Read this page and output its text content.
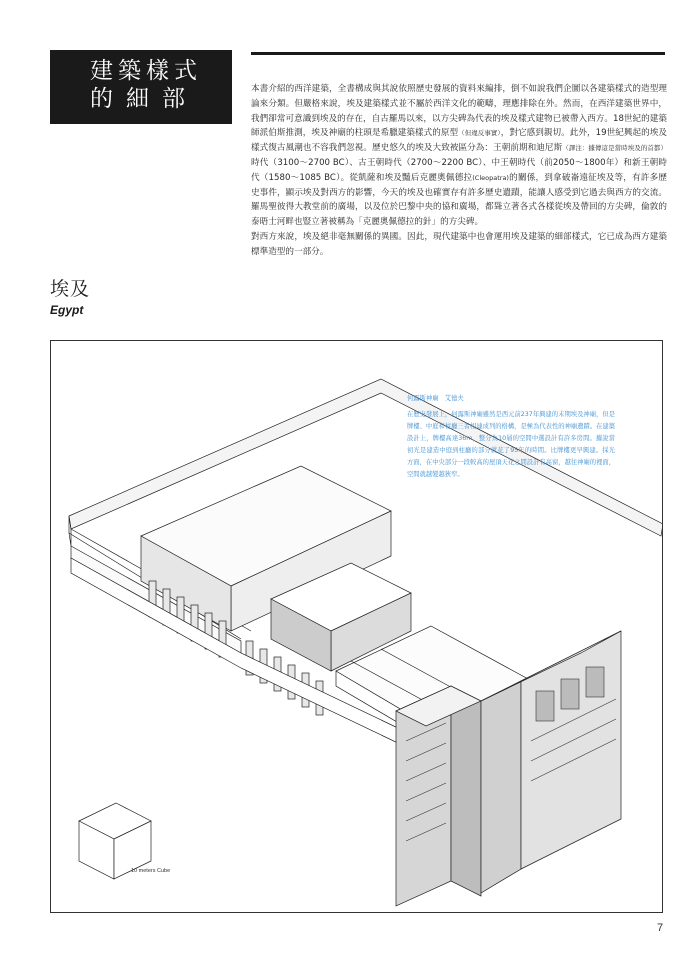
建築樣式
的細部	本書介紹的西洋建築，全書構成與其說依照歷史發展的資料來編排，倒不如說我們企圖以各建築樣式的造型理論來分類。但嚴格來說，埃及建築樣式並不屬於西洋文化的範疇，理應排除在外。然而，在西洋建築世界中，我們卻常可意識到埃及的存在，自古羅馬以來，以方尖碑為代表的埃及樣式建物已被帶入西方。18世紀的建築師派伯斯推測，埃及神廟的柱頭是希臘建築樣式的原型（但違反事實），對它感到親切。此外，19世紀興起的埃及樣式復古風潮也不容我們忽視。歷史悠久的埃及大致被區分為：王朝前期和迪尼斯（譯注：據傳這是當時埃及的首都）時代（3100～2700 BC）、古王朝時代（2700～2200 BC）、中王朝時代（前2050～1800年）和新王朝時代（1580～1085 BC）。從凱薩和埃及豔后克麗奧佩德拉(Cleopatra)的關係，到拿破崙遠征埃及等，有許多歷史事件，顯示埃及對西方的影響，今天的埃及也確實存有許多歷史遺蹟，能讓人感受到它過去與西方的交流。羅馬聖彼得大教堂前的廣場，以及位於巴黎中央的協和廣場，都聳立著各式各樣從埃及帶回的方尖碑，倫敦的泰晤士河畔也豎立著被稱為「克麗奧佩德拉的針」的方尖碑。

對西方來說，埃及絕非毫無關係的異國。因此，現代建築中也會運用埃及建築的細部樣式，它已成為西方建築標準造型的一部分。

埃及
Egypt
何露斯神廟　艾德夫

在歷史發展上，何露斯神廟雖然是西元前237年興建的末期埃及神廟，但是牌樓、中庭和柱廳三者相連成列的格構，是極為代表性的神廟遺蹟。在建築設計上，牌樓高達36m，整分為10層的空間中選設計有許多房間。據說當初光是建造中庭到柱廳的部分就花了95年的時間。比牌樓更早興建。採光方面，在中央部分一段較高的屋頂天花之間設計有高窗，越往神廟的裡面，空間就越變越狹窄。

10 meters Cube
7
